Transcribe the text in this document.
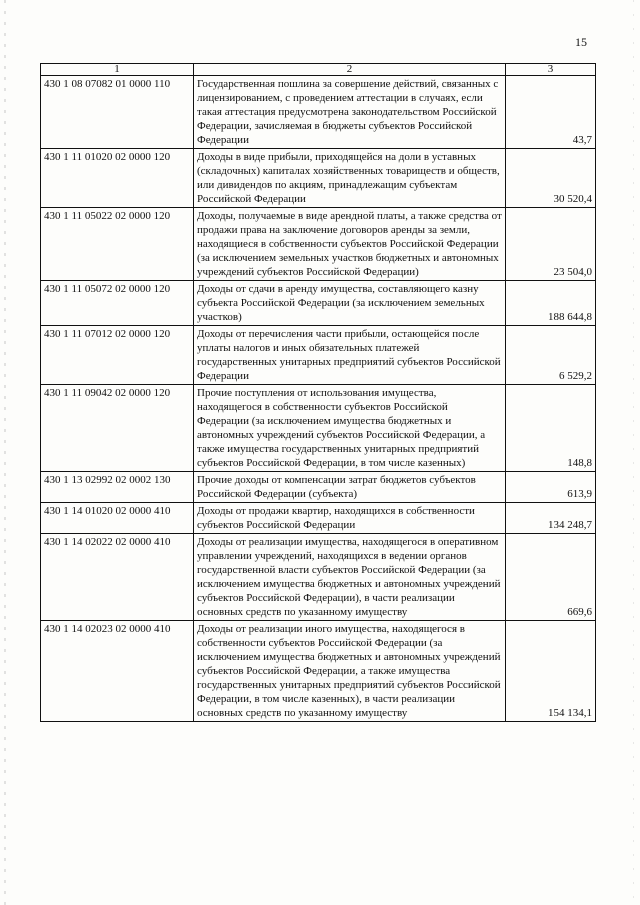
15
1	2	3
430 1 08 07082 01 0000 110	Государственная пошлина за совершение действий, связанных с лицензированием, с проведением аттестации в случаях, если такая аттестация предусмотрена законодательством Российской Федерации, зачисляемая в бюджеты субъектов Российской Федерации	43,7
430 1 11 01020 02 0000 120	Доходы в виде прибыли, приходящейся на доли в уставных (складочных) капиталах хозяйственных товариществ и обществ, или дивидендов по акциям, принадлежащим субъектам Российской Федерации	30 520,4
430 1 11 05022 02 0000 120	Доходы, получаемые в виде арендной платы, а также средства от продажи права на заключение договоров аренды за земли, находящиеся в собственности субъектов Российской Федерации (за исключением земельных участков бюджетных и автономных учреждений субъектов Российской Федерации)	23 504,0
430 1 11 05072 02 0000 120	Доходы от сдачи в аренду имущества, составляющего казну субъекта Российской Федерации (за исключением земельных участков)	188 644,8
430 1 11 07012 02 0000 120	Доходы от перечисления части прибыли, остающейся после уплаты налогов и иных обязательных платежей государственных унитарных предприятий субъектов Российской Федерации	6 529,2
430 1 11 09042 02 0000 120	Прочие поступления от использования имущества, находящегося в собственности субъектов Российской Федерации (за исключением имущества бюджетных и автономных учреждений субъектов Российской Федерации, а также имущества государственных унитарных предприятий субъектов Российской Федерации, в том числе казенных)	148,8
430 1 13 02992 02 0002 130	Прочие доходы от компенсации затрат бюджетов субъектов Российской Федерации (субъекта)	613,9
430 1 14 01020 02 0000 410	Доходы от продажи квартир, находящихся в собственности субъектов Российской Федерации	134 248,7
430 1 14 02022 02 0000 410	Доходы от реализации имущества, находящегося в оперативном управлении учреждений, находящихся в ведении органов государственной власти субъектов Российской Федерации (за исключением имущества бюджетных и автономных учреждений субъектов Российской Федерации), в части реализации основных средств по указанному имуществу	669,6
430 1 14 02023 02 0000 410	Доходы от реализации иного имущества, находящегося в собственности субъектов Российской Федерации (за исключением имущества бюджетных и автономных учреждений субъектов Российской Федерации, а также имущества государственных унитарных предприятий субъектов Российской Федерации, в том числе казенных), в части реализации основных средств по указанному имуществу	154 134,1
